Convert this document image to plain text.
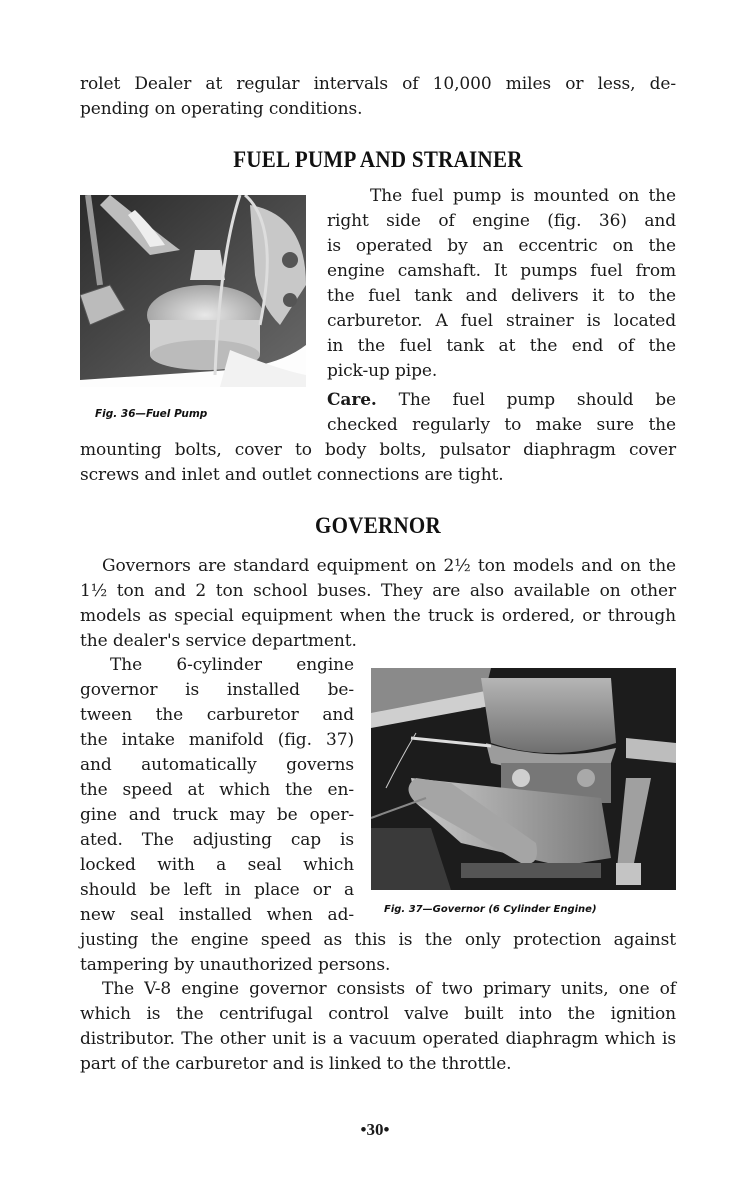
rolet Dealer at regular intervals of 10,000 miles or less, de-
pending on operating conditions.
FUEL PUMP AND STRAINER
Fig. 36—Fuel Pump
The fuel pump is mounted on the
right side of engine (fig. 36) and
is operated by an eccentric on the
engine camshaft. It pumps fuel from
the fuel tank and delivers it to the
carburetor. A fuel strainer is located
in the fuel tank at the end of the
pick-up pipe.
Care. The fuel pump should be
checked regularly to make sure the
mounting bolts, cover to body bolts, pulsator diaphragm cover
screws and inlet and outlet connections are tight.
GOVERNOR
Governors are standard equipment on 2½ ton models and on the 1½ ton and 2 ton school buses. They are also available on other models as special equipment when the truck is ordered, or through the dealer's service department.
The 6-cylinder engine
governor is installed be-
tween the carburetor and
the intake manifold (fig. 37)
and automatically governs
the speed at which the en-
gine and truck may be oper-
ated. The adjusting cap is
locked with a seal which
should be left in place or a
new seal installed when ad-	Fig. 37—Governor (6 Cylinder Engine)
justing the engine speed as this is the only protection against
tampering by unauthorized persons.
The V-8 engine governor consists of two primary units, one of which is the centrifugal control valve built into the ignition distributor. The other unit is a vacuum operated diaphragm which is part of the carburetor and is linked to the throttle.
•30•
